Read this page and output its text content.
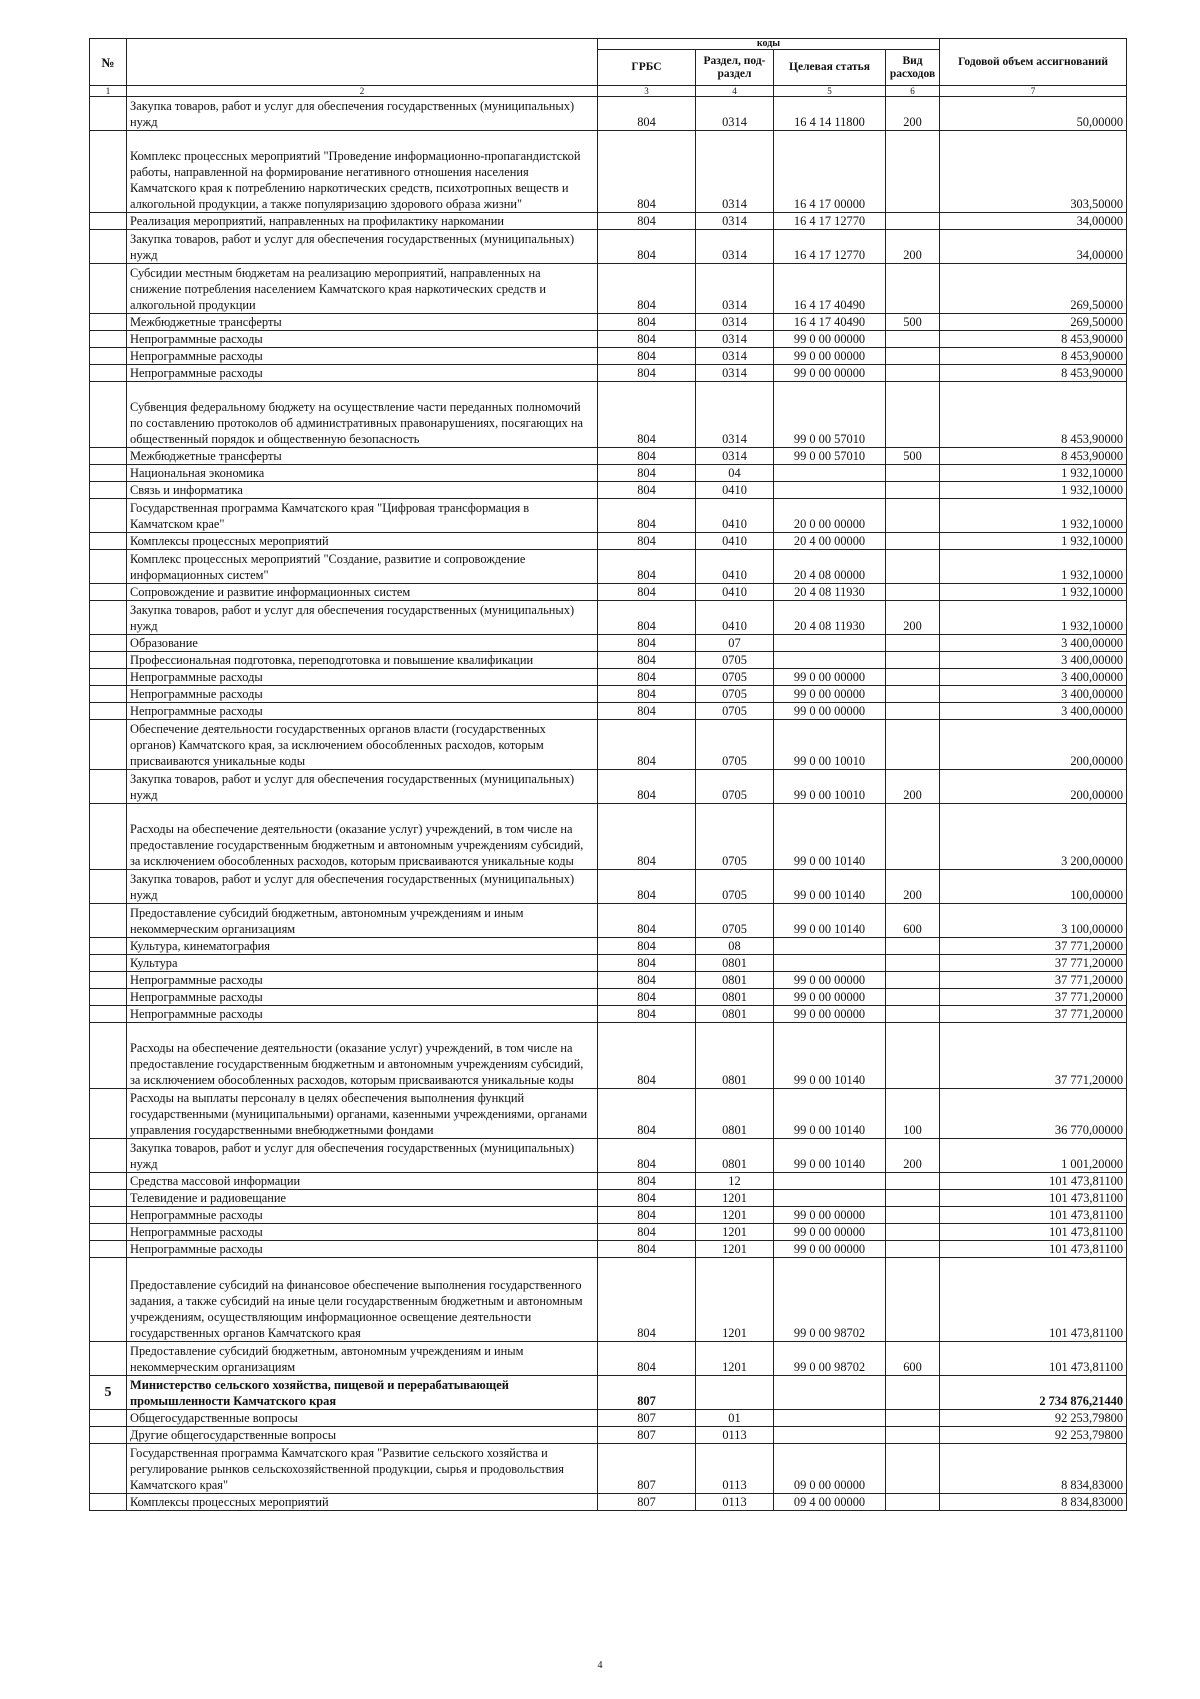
№		коды				Годовой объем ассигнований
		ГРБС	Раздел, под-раздел	Целевая статья	Вид расходов	
1	2	3	4	5	6	7
	Закупка товаров, работ и услуг для обеспечения государственных (муниципальных) нужд	804	0314	16 4 14 11800	200	50,00000
	Комплекс процессных мероприятий "Проведение информационно-пропагандистской работы, направленной на формирование негативного отношения населения Камчатского края к потреблению наркотических средств, психотропных веществ и алкогольной продукции, а также популяризацию здорового образа жизни"	804	0314	16 4 17 00000		303,50000
	Реализация мероприятий, направленных на профилактику наркомании	804	0314	16 4 17 12770		34,00000
	Закупка товаров, работ и услуг для обеспечения государственных (муниципальных) нужд	804	0314	16 4 17 12770	200	34,00000
	Субсидии местным бюджетам на реализацию мероприятий, направленных на снижение потребления населением Камчатского края наркотических средств и алкогольной продукции	804	0314	16 4 17 40490		269,50000
	Межбюджетные трансферты	804	0314	16 4 17 40490	500	269,50000
	Непрограммные расходы	804	0314	99 0 00 00000		8 453,90000
	Непрограммные расходы	804	0314	99 0 00 00000		8 453,90000
	Непрограммные расходы	804	0314	99 0 00 00000		8 453,90000
	Субвенция федеральному бюджету на осуществление части переданных полномочий по составлению протоколов об административных правонарушениях, посягающих на общественный порядок и общественную безопасность	804	0314	99 0 00 57010		8 453,90000
	Межбюджетные трансферты	804	0314	99 0 00 57010	500	8 453,90000
	Национальная экономика	804	04			1 932,10000
	Связь и информатика	804	0410			1 932,10000
	Государственная программа Камчатского края "Цифровая трансформация в Камчатском крае"	804	0410	20 0 00 00000		1 932,10000
	Комплексы процессных мероприятий	804	0410	20 4 00 00000		1 932,10000
	Комплекс процессных мероприятий "Создание, развитие и сопровождение информационных систем"	804	0410	20 4 08 00000		1 932,10000
	Сопровождение и развитие информационных систем	804	0410	20 4 08 11930		1 932,10000
	Закупка товаров, работ и услуг для обеспечения государственных (муниципальных) нужд	804	0410	20 4 08 11930	200	1 932,10000
	Образование	804	07			3 400,00000
	Профессиональная подготовка, переподготовка и повышение квалификации	804	0705			3 400,00000
	Непрограммные расходы	804	0705	99 0 00 00000		3 400,00000
	Непрограммные расходы	804	0705	99 0 00 00000		3 400,00000
	Непрограммные расходы	804	0705	99 0 00 00000		3 400,00000
	Обеспечение деятельности государственных органов власти (государственных органов) Камчатского края, за исключением обособленных расходов, которым присваиваются уникальные коды	804	0705	99 0 00 10010		200,00000
	Закупка товаров, работ и услуг для обеспечения государственных (муниципальных) нужд	804	0705	99 0 00 10010	200	200,00000
	Расходы на обеспечение деятельности (оказание услуг) учреждений, в том числе на предоставление государственным бюджетным и автономным учреждениям субсидий, за исключением обособленных расходов, которым присваиваются уникальные коды	804	0705	99 0 00 10140		3 200,00000
	Закупка товаров, работ и услуг для обеспечения государственных (муниципальных) нужд	804	0705	99 0 00 10140	200	100,00000
	Предоставление субсидий бюджетным, автономным учреждениям и иным некоммерческим организациям	804	0705	99 0 00 10140	600	3 100,00000
	Культура, кинематография	804	08			37 771,20000
	Культура	804	0801			37 771,20000
	Непрограммные расходы	804	0801	99 0 00 00000		37 771,20000
	Непрограммные расходы	804	0801	99 0 00 00000		37 771,20000
	Непрограммные расходы	804	0801	99 0 00 00000		37 771,20000
	Расходы на обеспечение деятельности (оказание услуг) учреждений, в том числе на предоставление государственным бюджетным и автономным учреждениям субсидий, за исключением обособленных расходов, которым присваиваются уникальные коды	804	0801	99 0 00 10140		37 771,20000
	Расходы на выплаты персоналу в целях обеспечения выполнения функций государственными (муниципальными) органами, казенными учреждениями, органами управления государственными внебюджетными фондами	804	0801	99 0 00 10140	100	36 770,00000
	Закупка товаров, работ и услуг для обеспечения государственных (муниципальных) нужд	804	0801	99 0 00 10140	200	1 001,20000
	Средства массовой информации	804	12			101 473,81100
	Телевидение и радиовещание	804	1201			101 473,81100
	Непрограммные расходы	804	1201	99 0 00 00000		101 473,81100
	Непрограммные расходы	804	1201	99 0 00 00000		101 473,81100
	Непрограммные расходы	804	1201	99 0 00 00000		101 473,81100
	Предоставление субсидий на финансовое обеспечение выполнения государственного задания, а также субсидий на иные цели государственным бюджетным и автономным учреждениям, осуществляющим информационное освещение деятельности государственных органов Камчатского края	804	1201	99 0 00 98702		101 473,81100
	Предоставление субсидий бюджетным, автономным учреждениям и иным некоммерческим организациям	804	1201	99 0 00 98702	600	101 473,81100
5	Министерство сельского хозяйства, пищевой и перерабатывающей промышленности Камчатского края	807				2 734 876,21440
	Общегосударственные вопросы	807	01			92 253,79800
	Другие общегосударственные вопросы	807	0113			92 253,79800
	Государственная программа Камчатского края "Развитие сельского хозяйства и регулирование рынков сельскохозяйственной продукции, сырья и продовольствия Камчатского края"	807	0113	09 0 00 00000		8 834,83000
	Комплексы процессных мероприятий	807	0113	09 4 00 00000		8 834,83000
4
